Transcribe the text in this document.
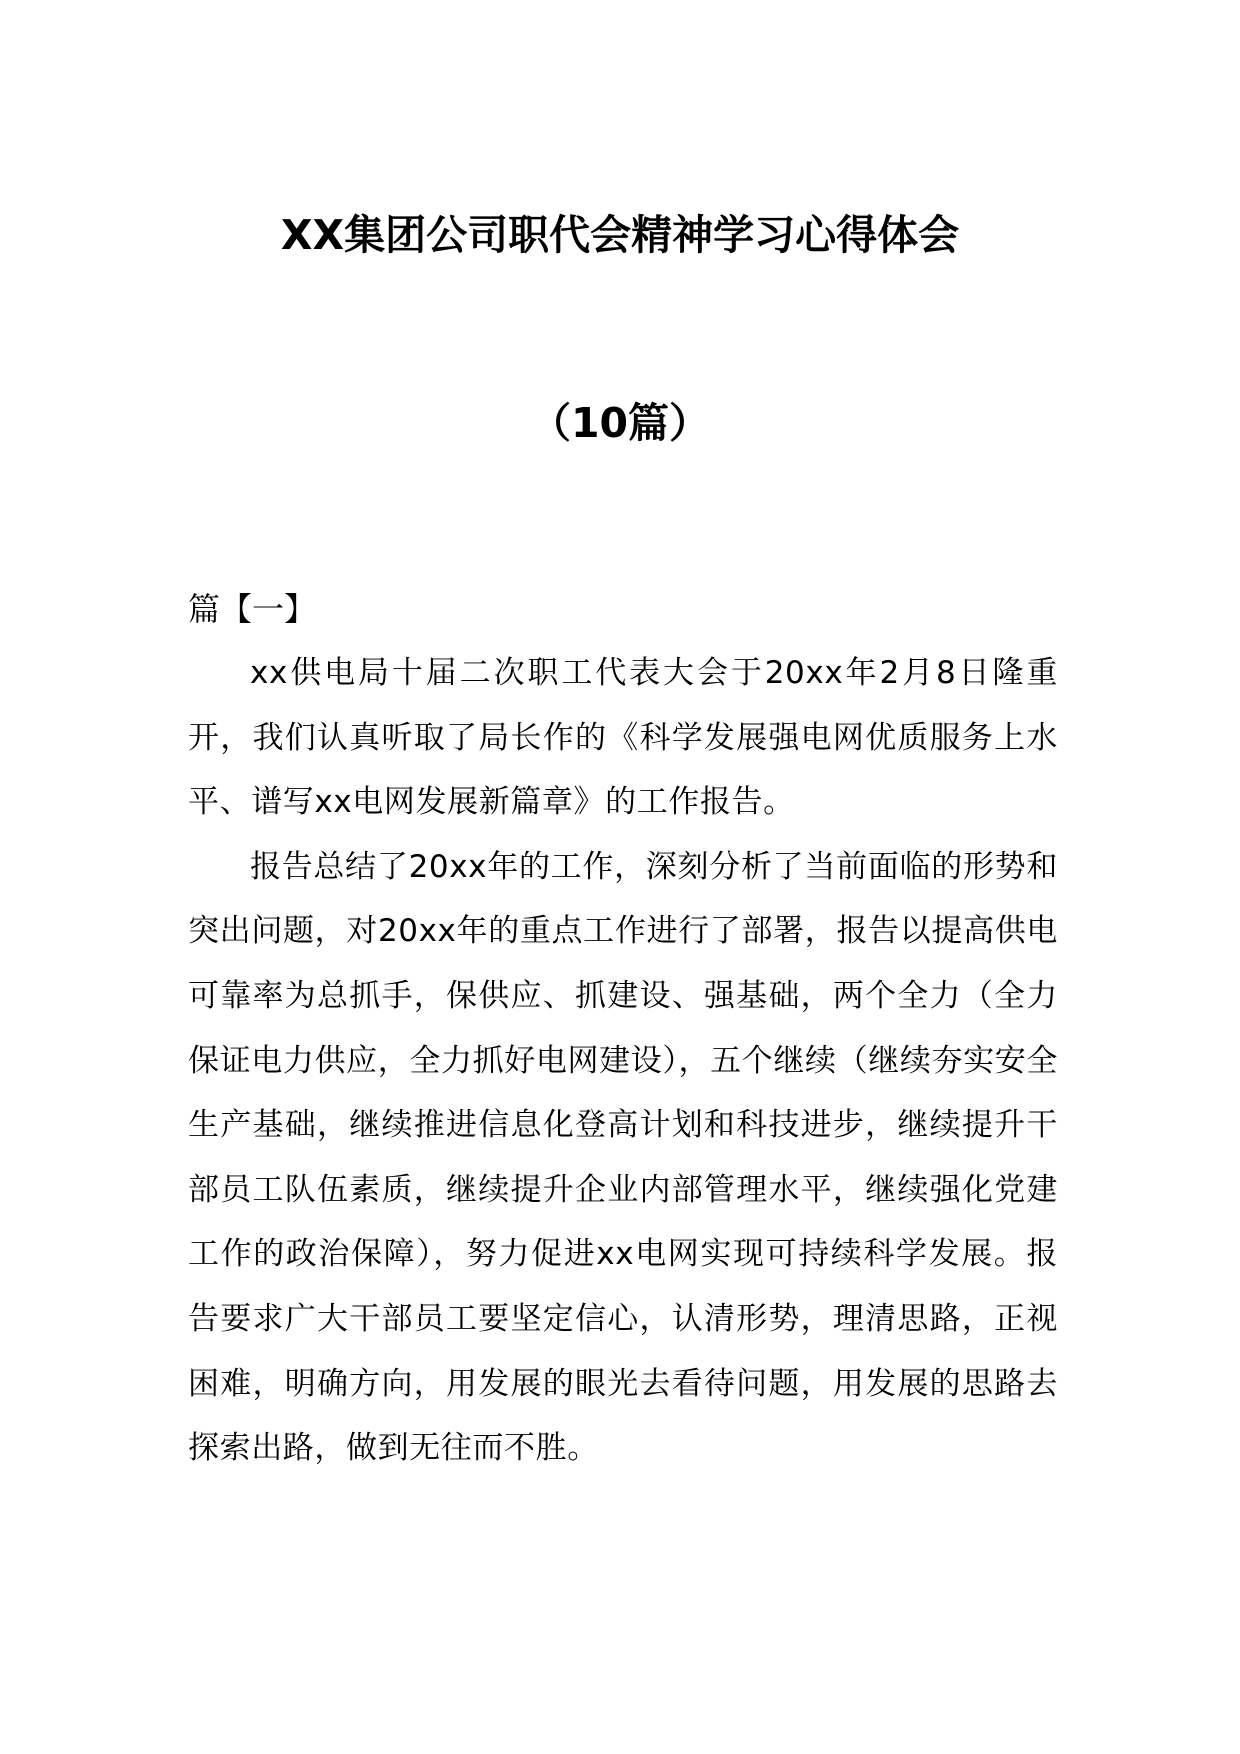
XX集团公司职代会精神学习心得体会
（10篇）

篇【一】

xx供电局十届二次职工代表大会于20xx年2月8日隆重开，我们认真听取了局长作的《科学发展强电网优质服务上水平、谱写xx电网发展新篇章》的工作报告。

报告总结了20xx年的工作，深刻分析了当前面临的形势和突出问题，对20xx年的重点工作进行了部署，报告以提高供电可靠率为总抓手，保供应、抓建设、强基础，两个全力（全力保证电力供应，全力抓好电网建设），五个继续（继续夯实安全生产基础，继续推进信息化登高计划和科技进步，继续提升干部员工队伍素质，继续提升企业内部管理水平，继续强化党建工作的政治保障），努力促进xx电网实现可持续科学发展。报告要求广大干部员工要坚定信心，认清形势，理清思路，正视困难，明确方向，用发展的眼光去看待问题，用发展的思路去探索出路，做到无往而不胜。
